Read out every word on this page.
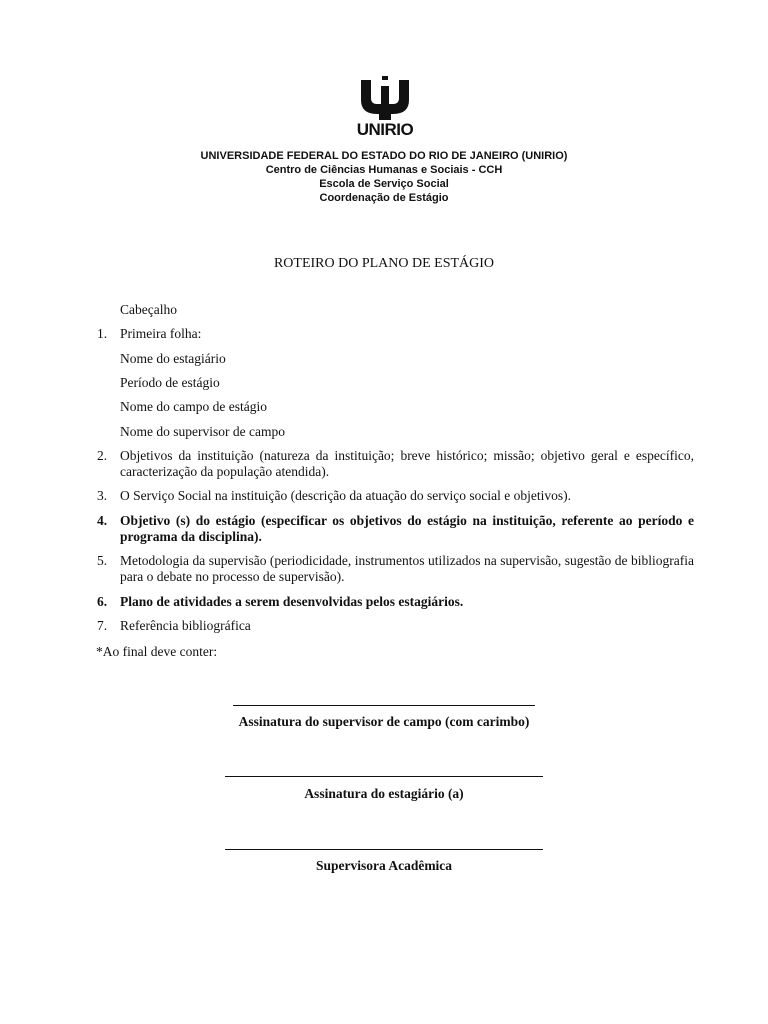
UNIRIO
UNIVERSIDADE FEDERAL DO ESTADO DO RIO DE JANEIRO (UNIRIO)
Centro de Ciências Humanas e Sociais - CCH
Escola de Serviço Social
Coordenação de Estágio
ROTEIRO DO PLANO DE ESTÁGIO
Cabeçalho
1. Primeira folha:
Nome do estagiário
Período de estágio
Nome do campo de estágio
Nome do supervisor de campo
2. Objetivos da instituição (natureza da instituição; breve histórico; missão; objetivo geral e específico, caracterização da população atendida).
3. O Serviço Social na instituição (descrição da atuação do serviço social e objetivos).
4. Objetivo (s) do estágio (especificar os objetivos do estágio na instituição, referente ao período e programa da disciplina).
5. Metodologia da supervisão (periodicidade, instrumentos utilizados na supervisão, sugestão de bibliografia para o debate no processo de supervisão).
6. Plano de atividades a serem desenvolvidas pelos estagiários.
7. Referência bibliográfica
*Ao final deve conter:
Assinatura do supervisor de campo (com carimbo)
Assinatura do estagiário (a)
Supervisora Acadêmica
